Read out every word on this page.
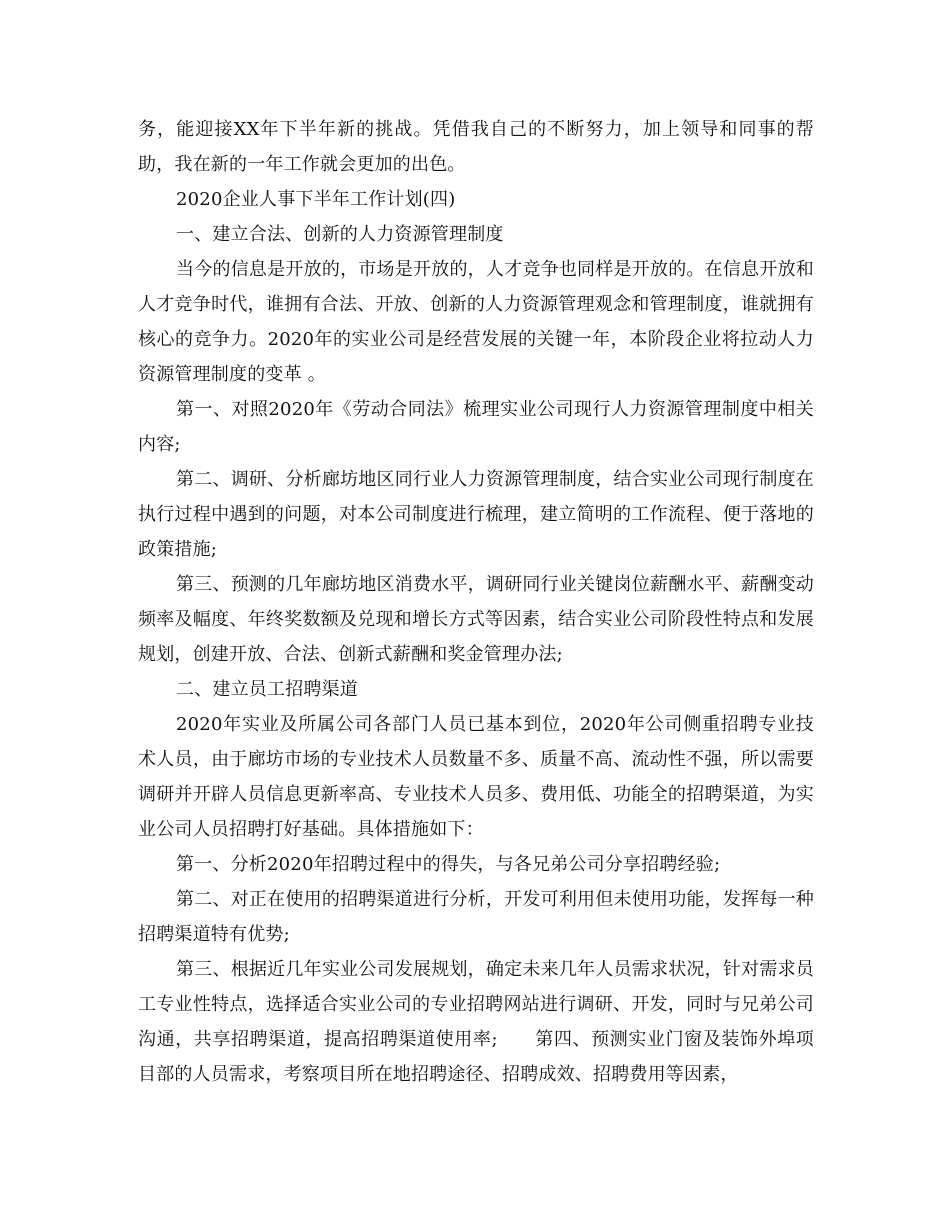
务，能迎接XX年下半年新的挑战。凭借我自己的不断努力，加上领导和同事的帮助，我在新的一年工作就会更加的出色。

2020企业人事下半年工作计划(四)

一、建立合法、创新的人力资源管理制度

当今的信息是开放的，市场是开放的，人才竞争也同样是开放的。在信息开放和人才竞争时代，谁拥有合法、开放、创新的人力资源管理观念和管理制度，谁就拥有核心的竞争力。2020年的实业公司是经营发展的关键一年，本阶段企业将拉动人力资源管理制度的变革 。

第一、对照2020年《劳动合同法》梳理实业公司现行人力资源管理制度中相关内容;

第二、调研、分析廊坊地区同行业人力资源管理制度，结合实业公司现行制度在执行过程中遇到的问题，对本公司制度进行梳理，建立简明的工作流程、便于落地的政策措施;

第三、预测的几年廊坊地区消费水平，调研同行业关键岗位薪酬水平、薪酬变动频率及幅度、年终奖数额及兑现和增长方式等因素，结合实业公司阶段性特点和发展规划，创建开放、合法、创新式薪酬和奖金管理办法;

二、建立员工招聘渠道

2020年实业及所属公司各部门人员已基本到位，2020年公司侧重招聘专业技术人员，由于廊坊市场的专业技术人员数量不多、质量不高、流动性不强，所以需要调研并开辟人员信息更新率高、专业技术人员多、费用低、功能全的招聘渠道，为实业公司人员招聘打好基础。具体措施如下：

第一、分析2020年招聘过程中的得失，与各兄弟公司分享招聘经验;

第二、对正在使用的招聘渠道进行分析，开发可利用但未使用功能，发挥每一种招聘渠道特有优势;

第三、根据近几年实业公司发展规划，确定未来几年人员需求状况，针对需求员工专业性特点，选择适合实业公司的专业招聘网站进行调研、开发，同时与兄弟公司沟通，共享招聘渠道，提高招聘渠道使用率;　　第四、预测实业门窗及装饰外埠项目部的人员需求，考察项目所在地招聘途径、招聘成效、招聘费用等因素，
